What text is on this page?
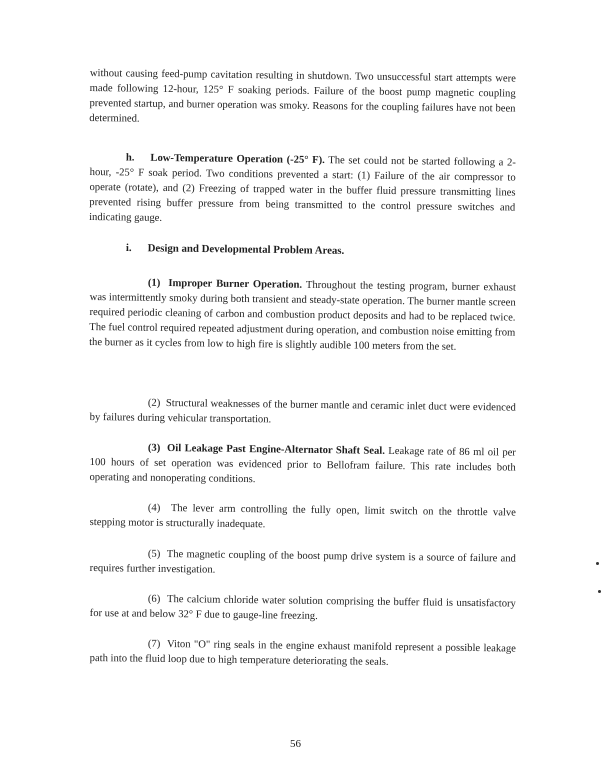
without causing feed-pump cavitation resulting in shutdown. Two unsuccessful start attempts were made following 12-hour, 125° F soaking periods. Failure of the boost pump magnetic coupling prevented startup, and burner operation was smoky. Reasons for the coupling failures have not been determined.

h. Low-Temperature Operation (-25° F). The set could not be started following a 2-hour, -25° F soak period. Two conditions prevented a start: (1) Failure of the air compressor to operate (rotate), and (2) Freezing of trapped water in the buffer fluid pressure transmitting lines prevented rising buffer pressure from being transmitted to the control pressure switches and indicating gauge.

i. Design and Developmental Problem Areas.

(1) Improper Burner Operation. Throughout the testing program, burner exhaust was intermittently smoky during both transient and steady-state operation. The burner mantle screen required periodic cleaning of carbon and combustion product deposits and had to be replaced twice. The fuel control required repeated adjustment during operation, and combustion noise emitting from the burner as it cycles from low to high fire is slightly audible 100 meters from the set.

(2) Structural weaknesses of the burner mantle and ceramic inlet duct were evidenced by failures during vehicular transportation.

(3) Oil Leakage Past Engine-Alternator Shaft Seal. Leakage rate of 86 ml oil per 100 hours of set operation was evidenced prior to Bellofram failure. This rate includes both operating and nonoperating conditions.

(4) The lever arm controlling the fully open, limit switch on the throttle valve stepping motor is structurally inadequate.

(5) The magnetic coupling of the boost pump drive system is a source of failure and requires further investigation.

(6) The calcium chloride water solution comprising the buffer fluid is unsatisfactory for use at and below 32° F due to gauge-line freezing.

(7) Viton "O" ring seals in the engine exhaust manifold represent a possible leakage path into the fluid loop due to high temperature deteriorating the seals.

56
